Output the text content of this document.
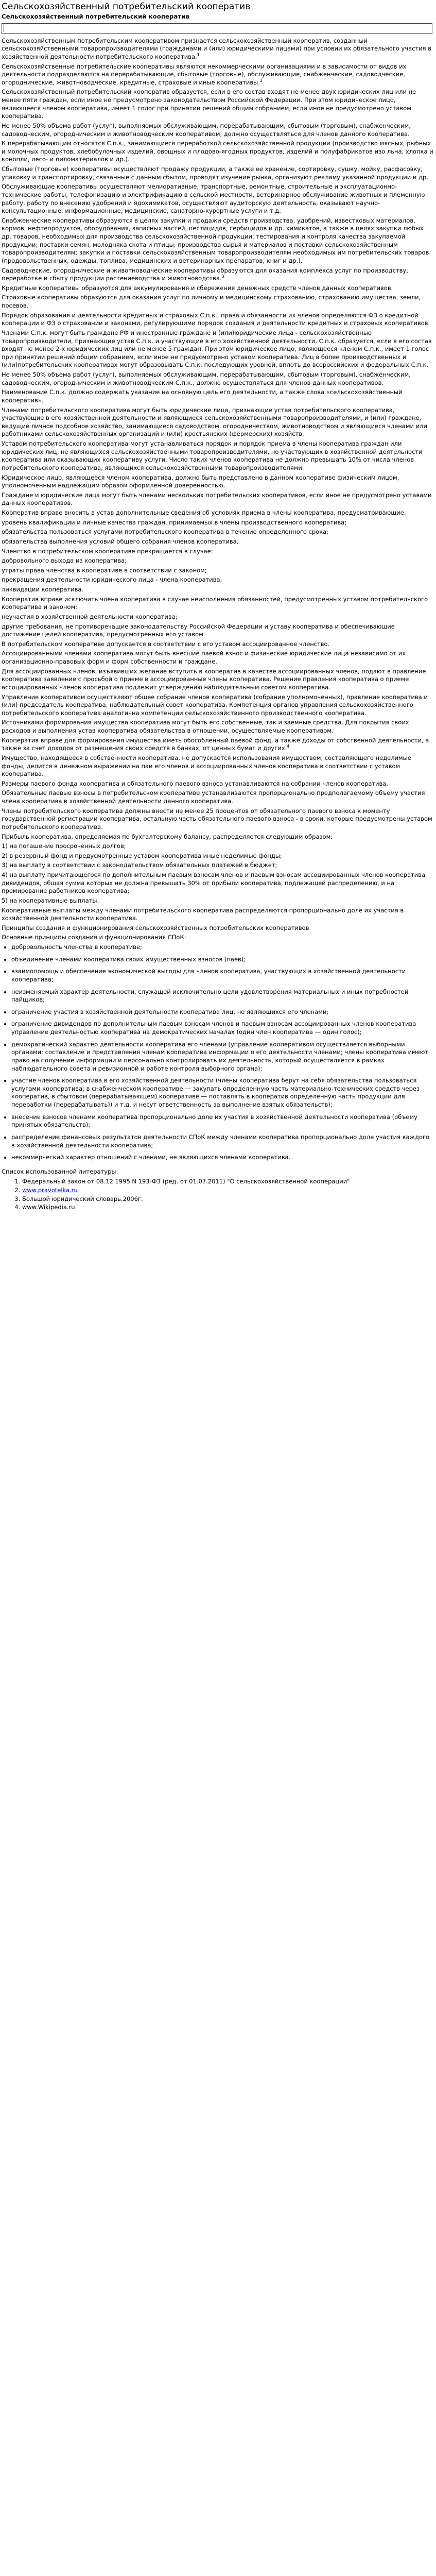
Сельскохозяйственный потребительский кооператив
Сельскохозяйственный потребительский кооператив

Сельскохозяйственным потребительским кооперативом признается сельскохозяйственный кооператив, созданный сельскохозяйственными товаропроизводителями (гражданами и (или) юридическими лицами) при условии их обязательного участия в хозяйственной деятельности потребительского кооператива.$^1$

Сельскохозяйственные потребительские кооперативы являются некоммерческими организациями и в зависимости от видов их деятельности подразделяются на перерабатывающие, сбытовые (торговые), обслуживающие, снабженческие, садоводческие, огороднические, животноводческие, кредитные, страховые и иные кооперативы.$^2$

Сельскохозяйственный потребительский кооператив образуется, если в его состав входят не менее двух юридических лиц или не менее пяти граждан, если иное не предусмотрено законодательством Российской Федерации. При этом юридическое лицо, являющееся членом кооператива, имеет 1 голос при принятии решений общим собранием, если иное не предусмотрено уставом кооператива.

Не менее 50% объема работ (услуг), выполняемых обслуживающим, перерабатывающим, сбытовым (торговым), снабженческим, садоводческим, огородническим и животноводческим кооперативом, должно осуществляться для членов данного кооператива.

К перерабатывающим относятся С.п.к., занимающиеся переработкой сельскохозяйственной продукции (производство мясных, рыбных и молочных продуктов, хлебобулочных изделий, овощных и плодово-ягодных продуктов, изделий и полуфабрикатов изо льна, хлопка и конопли, лесо- и пиломатериалов и др.).

Сбытовые (торговые) кооперативы осуществляют продажу продукции, а также ее хранение, сортировку, сушку, мойку, расфасовку, упаковку и транспортировку, связанные с данным сбытом, проводят изучение рынка, организуют рекламу указанной продукции и др.

Обслуживающие кооперативы осуществляют мелиоративные, транспортные, ремонтные, строительные и эксплуатационно-технические работы, телефонизацию и электрификацию в сельской местности, ветеринарное обслуживание животных и племенную работу, работу по внесению удобрений и ядохимикатов, осуществляют аудиторскую деятельность, оказывают научно-консультационные, информационные, медицинские, санаторно-курортные услуги и т.д.

Снабженческие кооперативы образуются в целях закупки и продажи средств производства, удобрений, известковых материалов, кормов, нефтепродуктов, оборудования, запасных частей, пестицидов, гербицидов и др. химикатов, а также в целях закупки любых др. товаров, необходимых для производства сельскохозяйственной продукции; тестирования и контроля качества закупаемой продукции; поставки семян, молодняка скота и птицы; производства сырья и материалов и поставки сельскохозяйственным товаропроизводителям; закупки и поставки сельскохозяйственным товаропроизводителям необходимых им потребительских товаров (продовольственных, одежды, топлива, медицинских и ветеринарных препаратов, книг и др.).

Садоводческие, огороднические и животноводческие кооперативы образуются для оказания комплекса услуг по производству, переработке и сбыту продукции растениеводства и животноводства.$^3$

Кредитные кооперативы образуются для аккумулирования и сбережения денежных средств членов данных кооперативов.

Страховые кооперативы образуются для оказания услуг по личному и медицинскому страхованию, страхованию имущества, земли, посевов.

Порядок образования и деятельности кредитных и страховых С.п.к., права и обязанности их членов определяются ФЗ о кредитной кооперации и ФЗ о страховании и законами, регулирующими порядок создания и деятельности кредитных и страховых кооперативов.

Членами С.п.к. могут быть граждане РФ и иностранные граждане и (или)юридические лица - сельскохозяйственные товаропроизводители, признающие устав С.п.к. и участвующие в его хозяйственной деятельности. С.п.к. образуется, если в его состав входят не менее 2-х юридических лиц или не менее 5 граждан. При этом юридическое лицо, являющееся членом С.п.к., имеет 1 голос при принятии решений общим собранием, если иное не предусмотрено уставом кооператива. Лиц в более производственных и (или)потребительских кооперативах могут образовывать С.п.к. последующих уровней, вплоть до всероссийских и федеральных С.п.к.

Не менее 50% объема работ (услуг), выполняемых обслуживающим, перерабатывающим, сбытовым (торговым), снабженческим, садоводческим, огородническим и животноводческим С.п.к., должно осуществляться для членов данных кооперативов.

Наименование С.п.к. должно содержать указание на основную цель его деятельности, а также слова «сельскохозяйственный кооператив».

Членами потребительского кооператива могут быть юридические лица, признающие устав потребительского кооператива, участвующие в его хозяйственной деятельности и являющиеся сельскохозяйственными товаропроизводителями, и (или) граждане, ведущие личное подсобное хозяйство, занимающиеся садоводством, огородничеством, животноводством и являющиеся членами или работниками сельскохозяйственных организаций и (или) крестьянских (фермерских) хозяйств.

Уставом потребительского кооператива могут устанавливаться порядок и порядок приема в члены кооператива граждан или юридических лиц, не являющихся сельскохозяйственными товаропроизводителями, но участвующих в хозяйственной деятельности кооператива или оказывающих кооперативу услуги. Число таких членов кооператива не должно превышать 10% от числа членов потребительского кооператива, являющихся сельскохозяйственными товаропроизводителями.

Юридическое лицо, являющееся членом кооператива, должно быть представлено в данном кооперативе физическим лицом, уполномоченным надлежащим образом оформленной доверенностью.

Граждане и юридические лица могут быть членами нескольких потребительских кооперативов, если иное не предусмотрено уставами данных кооперативов.

Кооператив вправе вносить в устав дополнительные сведения об условиях приема в члены кооператива, предусматривающие:

уровень квалификации и личные качества граждан, принимаемых в члены производственного кооператива;

обязательства пользоваться услугами потребительского кооператива в течение определенного срока;

обязательства выполнения условий общего собрания членов кооператива.

Членство в потребительском кооперативе прекращается в случае:

добровольного выхода из кооператива;

утраты права членства в кооперативе в соответствии с законом;

прекращения деятельности юридического лица - члена кооператива;

ликвидации кооператива.

Кооператив вправе исключить члена кооператива в случае неисполнения обязанностей, предусмотренных уставом потребительского кооператива и законом;

неучастия в хозяйственной деятельности кооператива;

другие требования, не противоречащие законодательству Российской Федерации и уставу кооператива и обеспечивающие достижение целей кооператива, предусмотренных его уставом.

В потребительском кооперативе допускается в соответствии с его уставом ассоциированное членство.

Ассоциированными членами кооператива могут быть внесшие паевой взнос и физические юридические лица независимо от их организационно-правовых форм и форм собственности и граждане.

Для ассоциированных членов, изъявивших желание вступить в кооператив в качестве ассоциированных членов, подают в правление кооператива заявление с просьбой о приеме в ассоциированные члены кооператива. Решение правления кооператива о приеме ассоциированных членов кооператива подлежит утверждению наблюдательным советом кооператива.

Управление кооперативом осуществляют общее собрание членов кооператива (собрание уполномоченных), правление кооператива и (или) председатель кооператива, наблюдательный совет кооператива. Компетенция органов управления сельскохозяйственного потребительского кооператива аналогична компетенции сельскохозяйственного производственного кооператива.

Источниками формирования имущества кооператива могут быть его собственные, так и заемные средства. Для покрытия своих расходов и выполнения устав кооператива обязательства в отношении, осуществляемые кооперативом.

Кооператив вправе для формирования имущества иметь обособленный паевой фонд, а также доходы от собственной деятельности, а также за счет доходов от размещения своих средств в банках, от ценных бумаг и других.$^4$

Имущество, находящееся в собственности кооператива, не допускается использования имуществом, составляющего неделимые фонды, делится в денежном выражении на паи его членов и ассоциированных членов кооператива в соответствии с уставом кооператива.

Размеры паевого фонда кооператива и обязательного паевого взноса устанавливаются на собрании членов кооператива.

Обязательные паевые взносы в потребительском кооперативе устанавливаются пропорционально предполагаемому объему участия члена кооператива в хозяйственной деятельности данного кооператива.

Члены потребительского кооператива должны внести не менее 25 процентов от обязательного паевого взноса к моменту государственной регистрации кооператива, остальную часть обязательного паевого взноса - в сроки, которые предусмотрены уставом потребительского кооператива.

Прибыль кооператива, определяемая по бухгалтерскому балансу, распределяется следующим образом:

1) на погашение просроченных долгов;

2) в резервный фонд и предусмотренные уставом кооператива иные неделимые фонды;

3) на выплату в соответствии с законодательством обязательных платежей в бюджет;

4) на выплату причитающегося по дополнительным паевым взносам членов и паевым взносам ассоциированных членов кооператива дивидендов, общая сумма которых не должна превышать 30% от прибыли кооператива, подлежащей распределению, и на премирование работников кооператива;

5) на кооперативные выплаты.

Кооперативные выплаты между членами потребительского кооператива распределяются пропорционально доле их участия в хозяйственной деятельности кооператива.

Принципы создания и функционирования сельскохозяйственных потребительских кооперативов

Основные принципы создания и функционирования СПоК:

• добровольность членства в кооперативе;
• объединение членами кооператива своих имущественных взносов (паев);
• взаимопомощь и обеспечение экономической выгоды для членов кооператива, участвующих в хозяйственной деятельности кооператива;
• неизменяемый характер деятельности, служащей исключительно цели удовлетворения материальных и иных потребностей пайщиков;
• ограничение участия в хозяйственной деятельности кооператива лиц, не являющихся его членами;
• ограничение дивидендов по дополнительным паевым взносам членов и паевым взносам ассоциированных членов кооператива управление деятельностью кооператива на демократических началах (один член кооператива — один голос);
• демократический характер деятельности кооператива его членами (управление кооперативом осуществляется выборными органами; составление и представления членам кооператива информации о его деятельности членами; члены кооператива имеют право на получение информации и персонально контролировать их деятельность, который осуществляется в рамках наблюдательного совета и ревизионной и работе контроля выборного органа);
• участие членов кооператива в его хозяйственной деятельности (члены кооператива берут на себя обязательства пользоваться услугами кооператива; в снабженческом кооперативе — закупать определенную часть материально-технических средств через кооператив, в сбытовом (перерабатывающем) кооперативе — поставлять в кооператив определенную часть продукции для переработки (перерабатывать)) и т.д. и несут ответственность за выполнение взятых обязательств);
• внесение взносов членами кооператива пропорционально доле их участия в хозяйственной деятельности кооператива (объему принятых обязательств);
• распределение финансовых результатов деятельности СПоК между членами кооператива пропорционально доле участия каждого в хозяйственной деятельности кооператива;
• некоммерческий характер отношений с членами, не являющихся членами кооператива.
Список использованной литературы:
1. Федеральный закон от 08.12.1995 N 193-ФЗ (ред. от 01.07.2011) "О сельскохозяйственной кооперации"
2. www.pravotelka.ru
3. Большой юридический словарь.2006г.
4. www.Wikipedia.ru
